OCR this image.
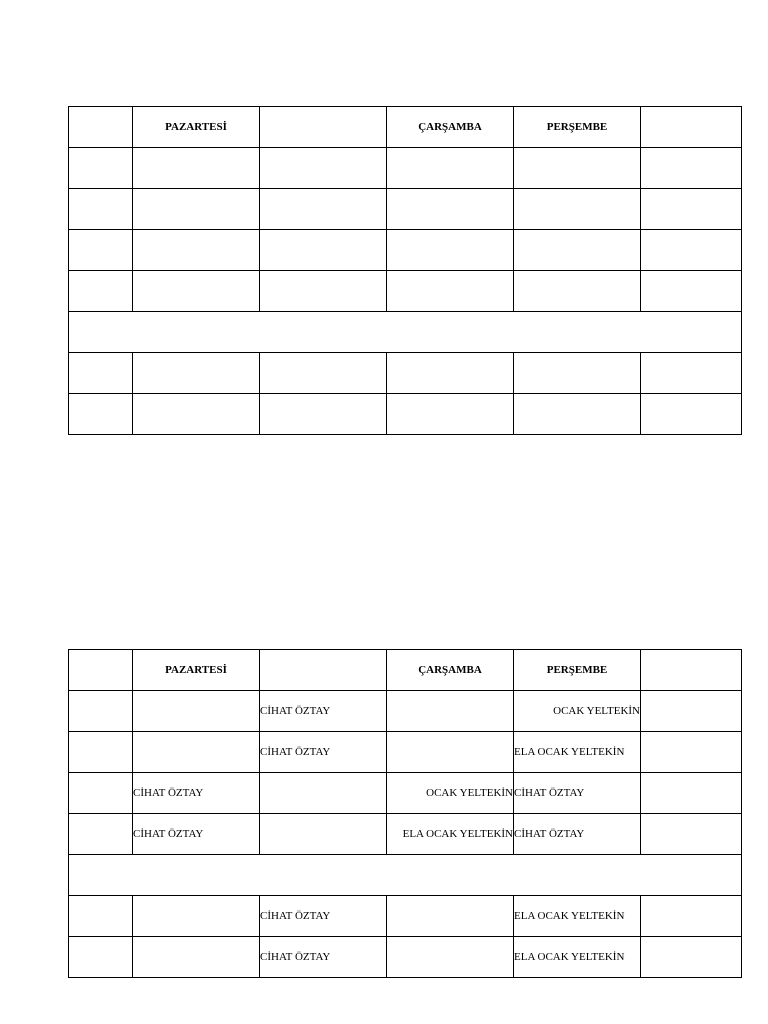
	PAZARTESİ		ÇARŞAMBA	PERŞEMBE	

	PAZARTESİ		ÇARŞAMBA	PERŞEMBE	
		CİHAT ÖZTAY		OCAK YELTEKİN	
		CİHAT ÖZTAY		ELA OCAK YELTEKİN	
	CİHAT ÖZTAY		OCAK YELTEKİN	CİHAT ÖZTAY	
	CİHAT ÖZTAY		ELA OCAK YELTEKİN	CİHAT ÖZTAY	

		CİHAT ÖZTAY		ELA OCAK YELTEKİN	
		CİHAT ÖZTAY		ELA OCAK YELTEKİN	
